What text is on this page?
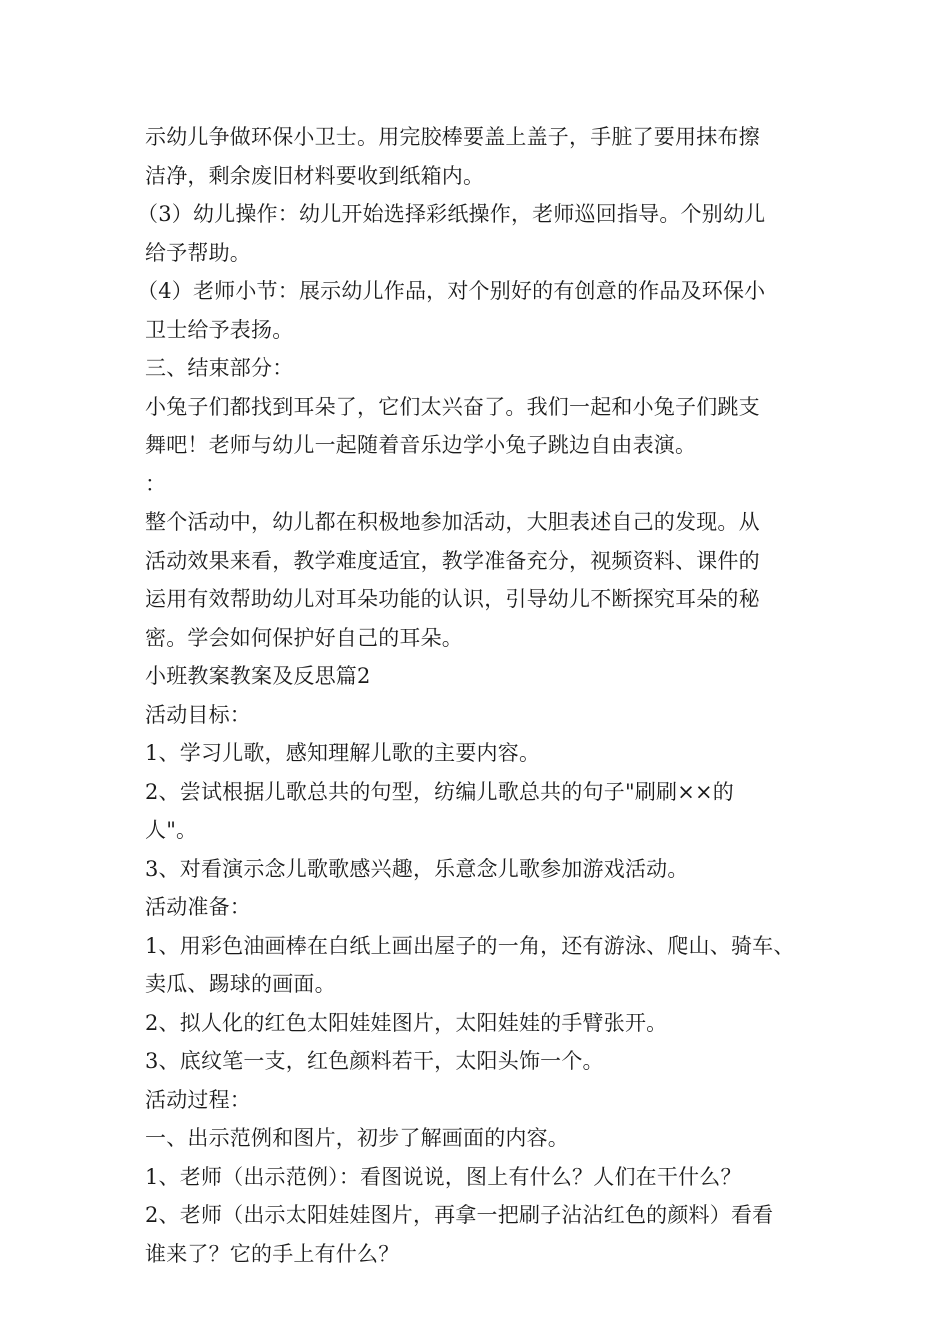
示幼儿争做环保小卫士。用完胶棒要盖上盖子，手脏了要用抹布擦
洁净，剩余废旧材料要收到纸箱内。
（3）幼儿操作：幼儿开始选择彩纸操作，老师巡回指导。个别幼儿
给予帮助。
（4）老师小节：展示幼儿作品，对个别好的有创意的作品及环保小
卫士给予表扬。
三、结束部分：
小兔子们都找到耳朵了，它们太兴奋了。我们一起和小兔子们跳支
舞吧！老师与幼儿一起随着音乐边学小兔子跳边自由表演。
：
整个活动中，幼儿都在积极地参加活动，大胆表述自己的发现。从
活动效果来看，教学难度适宜，教学准备充分，视频资料、课件的
运用有效帮助幼儿对耳朵功能的认识，引导幼儿不断探究耳朵的秘
密。学会如何保护好自己的耳朵。
小班教案教案及反思篇2
活动目标：
1、学习儿歌，感知理解儿歌的主要内容。
2、尝试根据儿歌总共的句型，纺编儿歌总共的句子"刷刷××的
人"。
3、对看演示念儿歌歌感兴趣，乐意念儿歌参加游戏活动。
活动准备：
1、用彩色油画棒在白纸上画出屋子的一角，还有游泳、爬山、骑车、
卖瓜、踢球的画面。
2、拟人化的红色太阳娃娃图片，太阳娃娃的手臂张开。
3、底纹笔一支，红色颜料若干，太阳头饰一个。
活动过程：
一、出示范例和图片，初步了解画面的内容。
1、老师（出示范例）：看图说说，图上有什么？人们在干什么？
2、老师（出示太阳娃娃图片，再拿一把刷子沾沾红色的颜料）看看
谁来了？它的手上有什么？
